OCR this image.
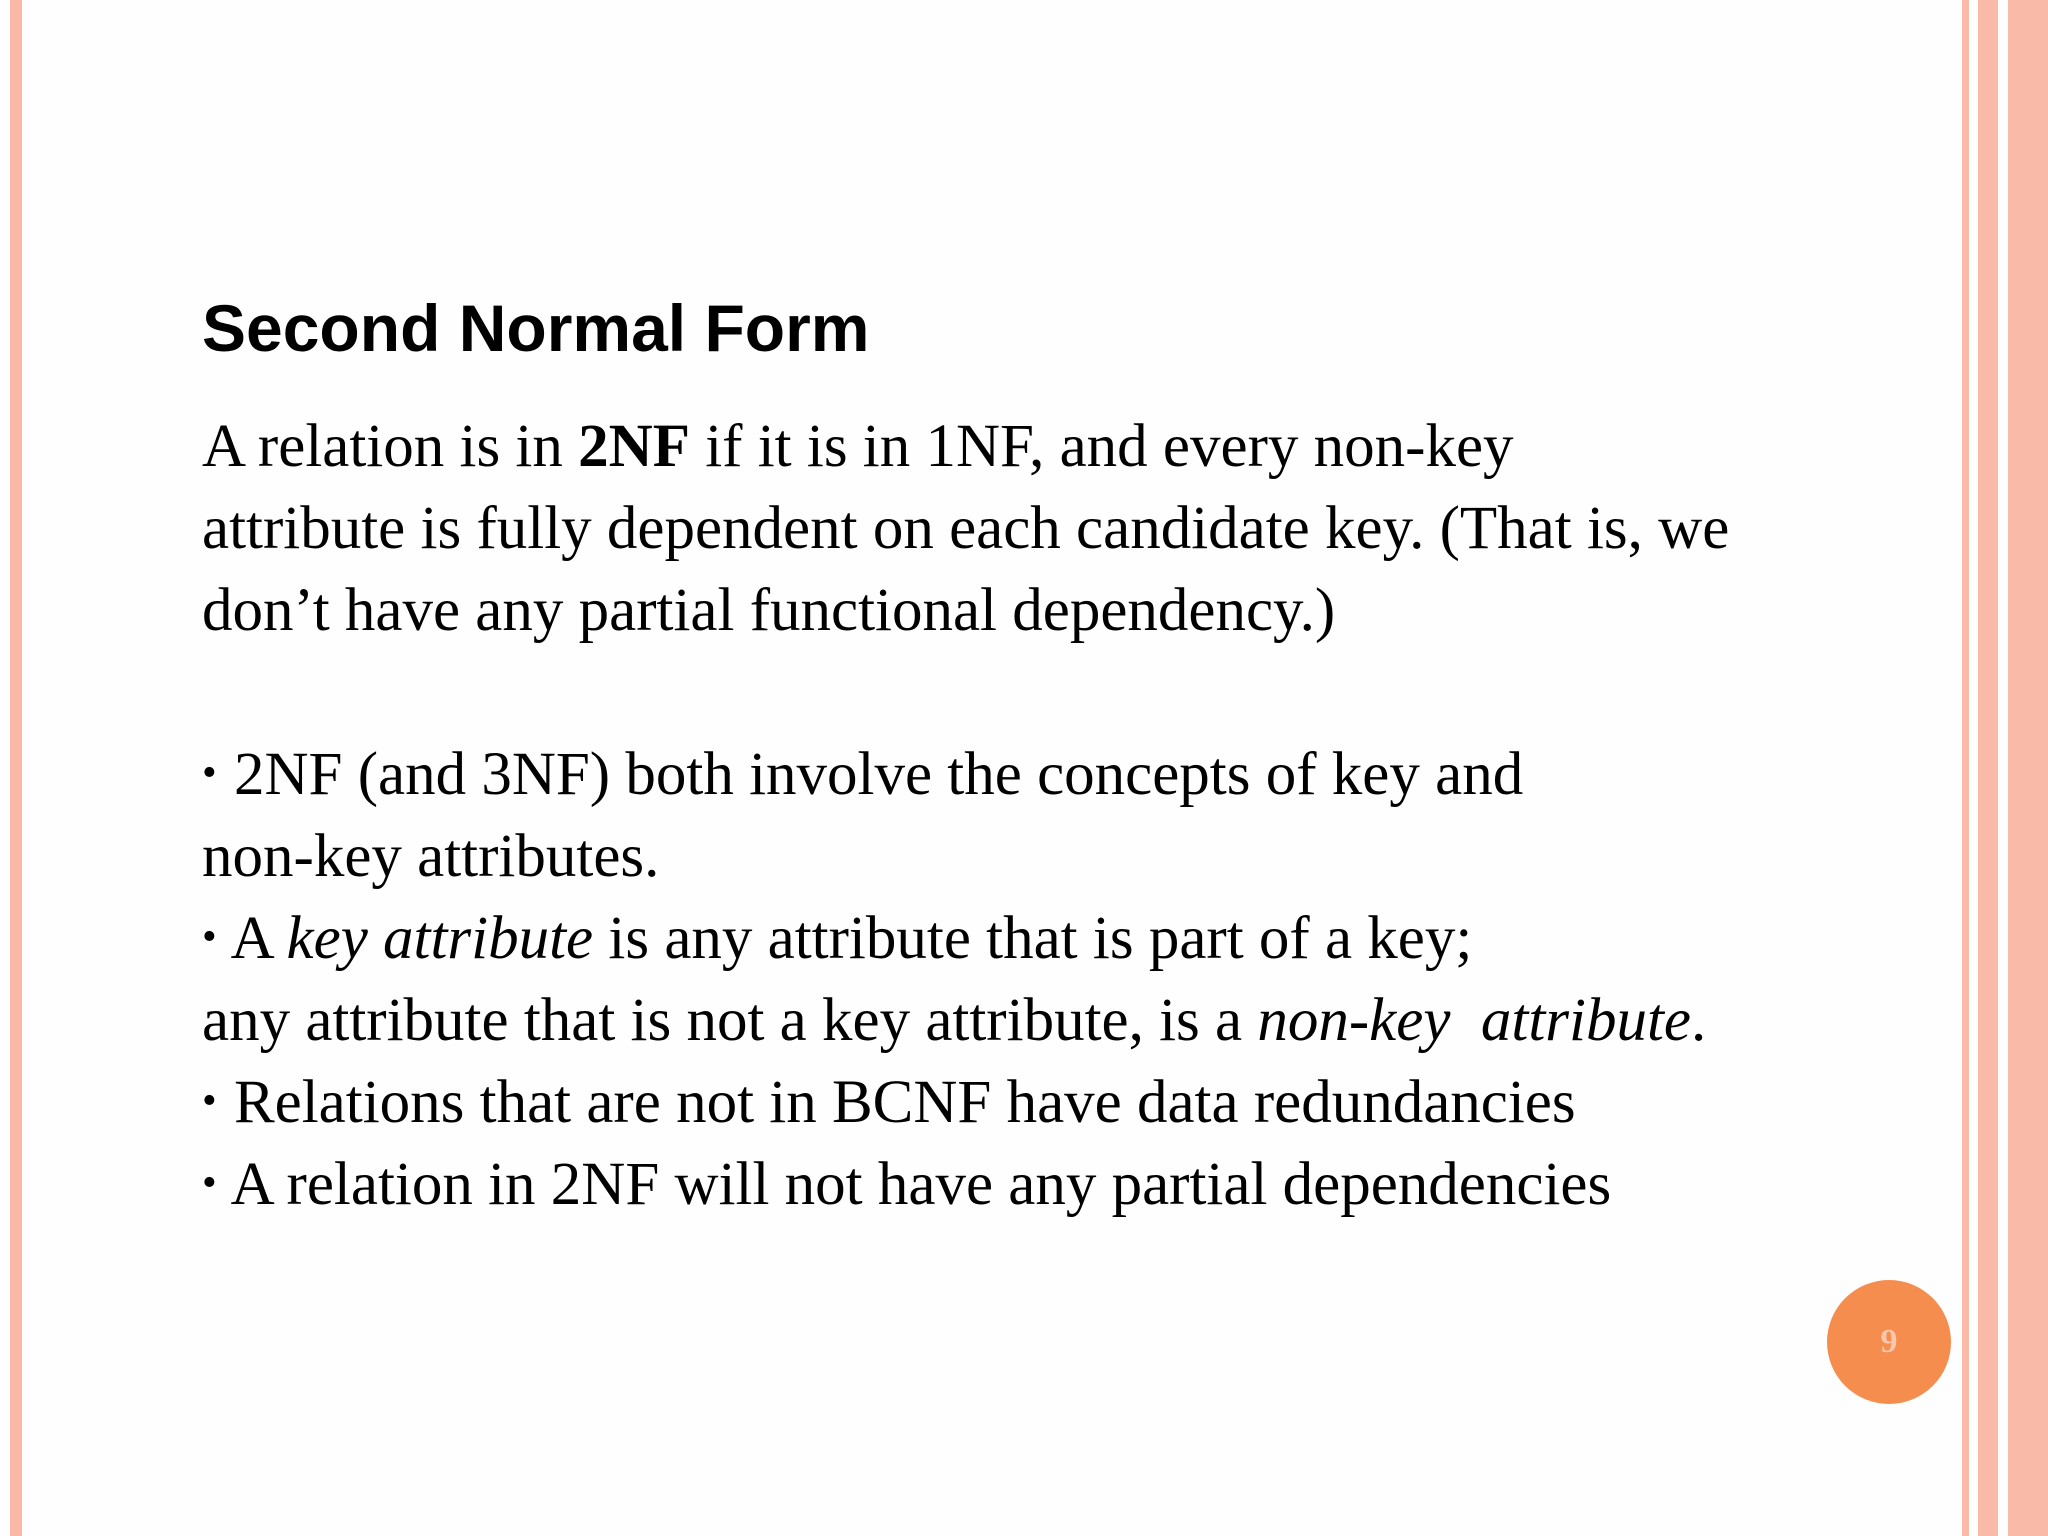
Second Normal Form
A relation is in 2NF if it is in 1NF, and every non-key
attribute is fully dependent on each candidate key. (That is, we
don’t have any partial functional dependency.)
• 2NF (and 3NF) both involve the concepts of key and
non-key attributes.
• A key attribute is any attribute that is part of a key;
any attribute that is not a key attribute, is a non-key  attribute.
• Relations that are not in BCNF have data redundancies
• A relation in 2NF will not have any partial dependencies
9
